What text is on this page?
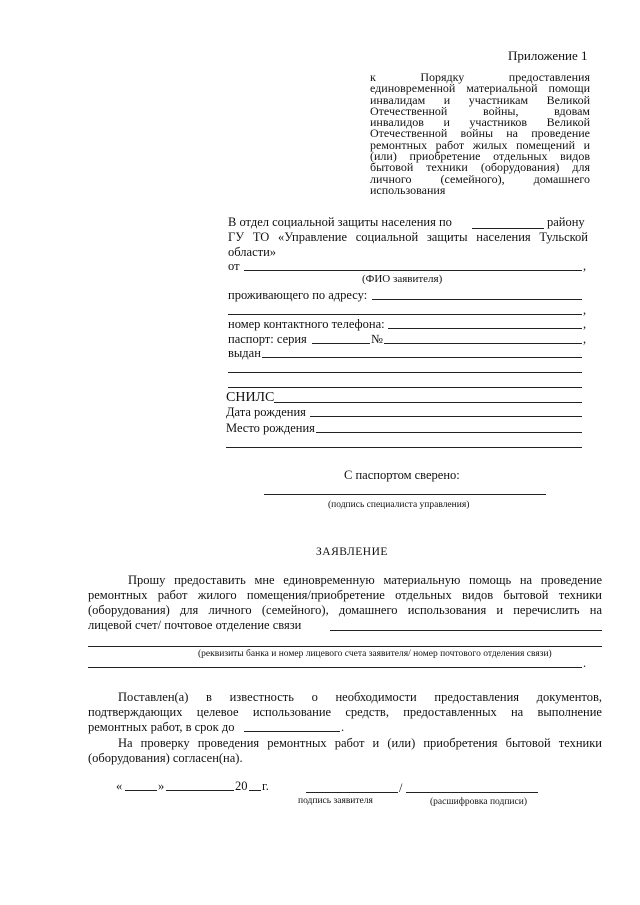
Приложение 1
к Порядку предоставления
единовременной материальной помощи
инвалидам и участникам Великой
Отечественной войны, вдовам
инвалидов и участников Великой
Отечественной войны на проведение
ремонтных работ жилых помещений и
(или) приобретение отдельных видов
бытовой техники (оборудования) для
личного (семейного), домашнего
использования
В отдел социальной защиты населения по	району
ГУ ТО «Управление социальной защиты населения Тульской
области»
от	,
(ФИО заявителя)
проживающего по адресу:
,
номер контактного телефона:	,
паспорт: серия	№	,
выдан
СНИЛС
Дата рождения
Место рождения
С паспортом сверено:
(подпись специалиста управления)
ЗАЯВЛЕНИЕ
Прошу предоставить мне единовременную материальную помощь на проведение
ремонтных работ жилого помещения/приобретение отдельных видов бытовой техники
(оборудования) для личного (семейного), домашнего использования и перечислить на
лицевой счет/ почтовое отделение связи
(реквизиты банка и номер лицевого счета заявителя/ номер почтового отделения связи)
.
Поставлен(а) в известность о необходимости предоставления документов,
подтверждающих целевое использование средств, предоставленных на выполнение
ремонтных работ, в срок до	.
На проверку проведения ремонтных работ и (или) приобретения бытовой техники
(оборудования) согласен(на).
«	»	20 г.	/
подпись заявителя	(расшифровка подписи)
